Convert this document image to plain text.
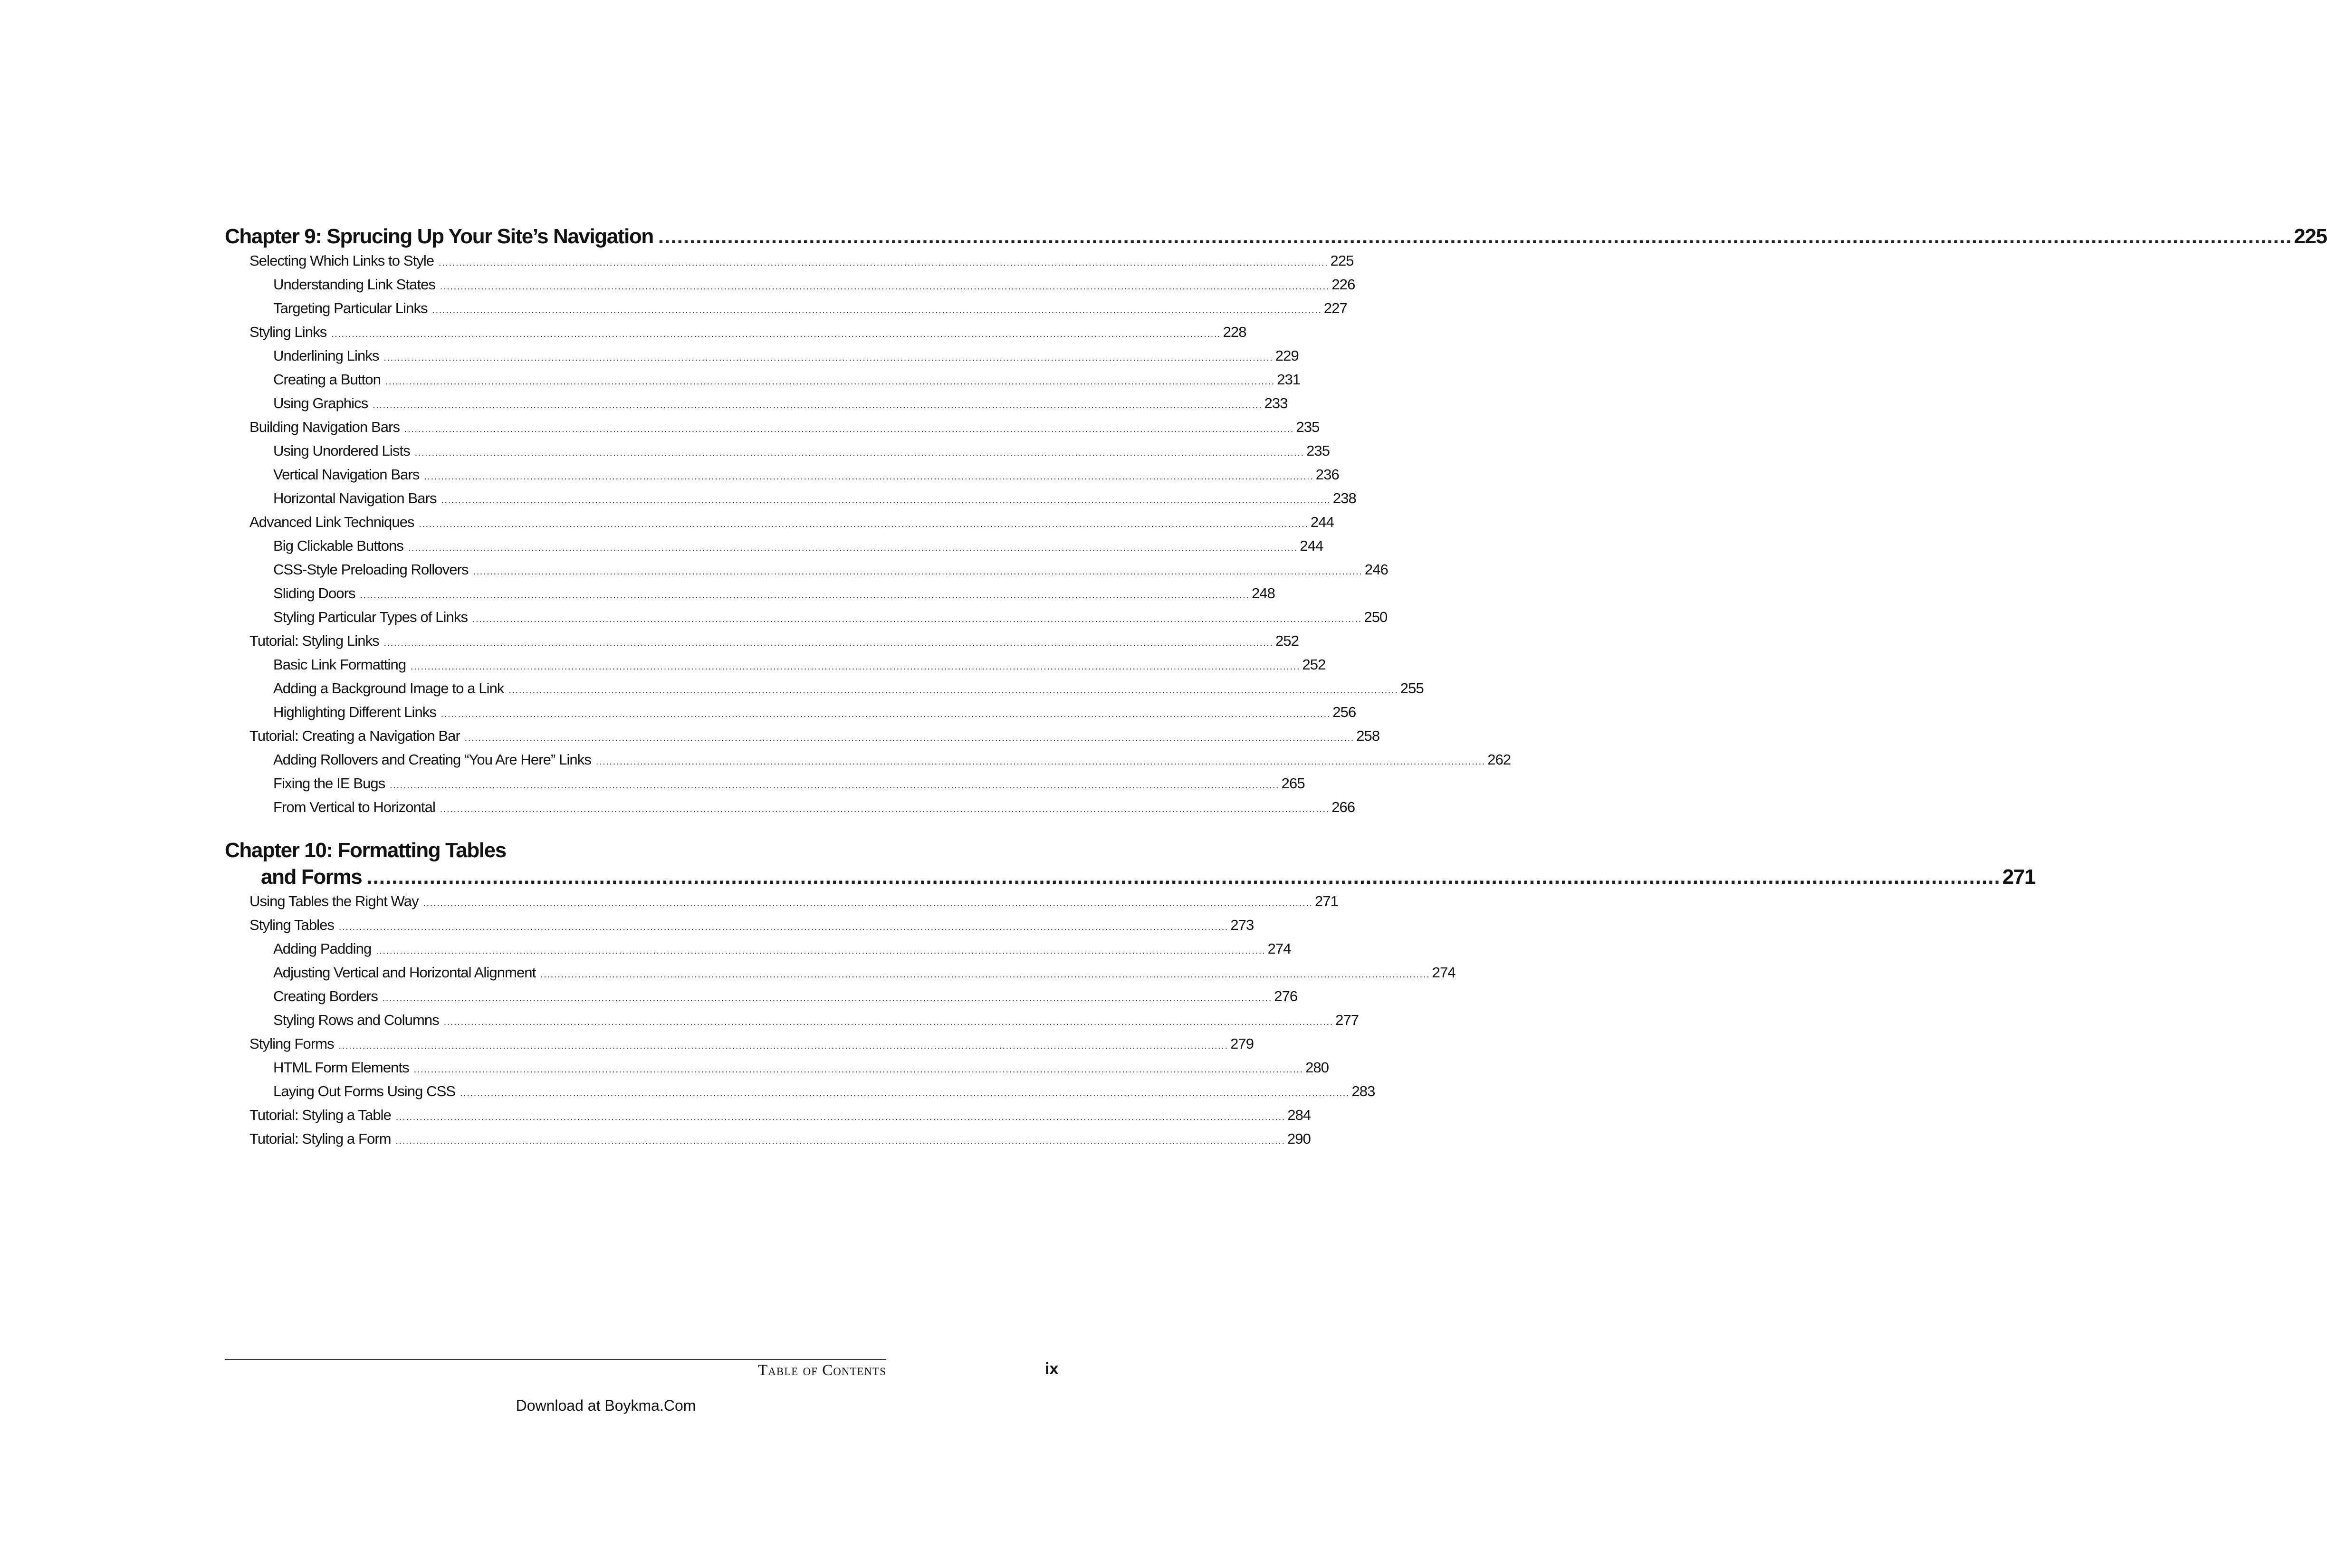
Chapter 9: Sprucing Up Your Site’s Navigation .................................................................................................................................................................................................................................................................... 225
Selecting Which Links to Style .................................................................................................................................................................................................................................................................... 225
Understanding Link States .................................................................................................................................................................................................................................................................... 226
Targeting Particular Links .................................................................................................................................................................................................................................................................... 227
Styling Links .................................................................................................................................................................................................................................................................... 228
Underlining Links .................................................................................................................................................................................................................................................................... 229
Creating a Button .................................................................................................................................................................................................................................................................... 231
Using Graphics .................................................................................................................................................................................................................................................................... 233
Building Navigation Bars .................................................................................................................................................................................................................................................................... 235
Using Unordered Lists .................................................................................................................................................................................................................................................................... 235
Vertical Navigation Bars .................................................................................................................................................................................................................................................................... 236
Horizontal Navigation Bars .................................................................................................................................................................................................................................................................... 238
Advanced Link Techniques .................................................................................................................................................................................................................................................................... 244
Big Clickable Buttons .................................................................................................................................................................................................................................................................... 244
CSS-Style Preloading Rollovers .................................................................................................................................................................................................................................................................... 246
Sliding Doors .................................................................................................................................................................................................................................................................... 248
Styling Particular Types of Links .................................................................................................................................................................................................................................................................... 250
Tutorial: Styling Links .................................................................................................................................................................................................................................................................... 252
Basic Link Formatting .................................................................................................................................................................................................................................................................... 252
Adding a Background Image to a Link .................................................................................................................................................................................................................................................................... 255
Highlighting Different Links .................................................................................................................................................................................................................................................................... 256
Tutorial: Creating a Navigation Bar .................................................................................................................................................................................................................................................................... 258
Adding Rollovers and Creating “You Are Here” Links .................................................................................................................................................................................................................................................................... 262
Fixing the IE Bugs .................................................................................................................................................................................................................................................................... 265
From Vertical to Horizontal .................................................................................................................................................................................................................................................................... 266
Chapter 10: Formatting Tables
and Forms .................................................................................................................................................................................................................................................................... 271
Using Tables the Right Way .................................................................................................................................................................................................................................................................... 271
Styling Tables .................................................................................................................................................................................................................................................................... 273
Adding Padding .................................................................................................................................................................................................................................................................... 274
Adjusting Vertical and Horizontal Alignment .................................................................................................................................................................................................................................................................... 274
Creating Borders .................................................................................................................................................................................................................................................................... 276
Styling Rows and Columns .................................................................................................................................................................................................................................................................... 277
Styling Forms .................................................................................................................................................................................................................................................................... 279
HTML Form Elements .................................................................................................................................................................................................................................................................... 280
Laying Out Forms Using CSS .................................................................................................................................................................................................................................................................... 283
Tutorial: Styling a Table .................................................................................................................................................................................................................................................................... 284
Tutorial: Styling a Form .................................................................................................................................................................................................................................................................... 290
Table of Contents	ix
Download at Boykma.Com
